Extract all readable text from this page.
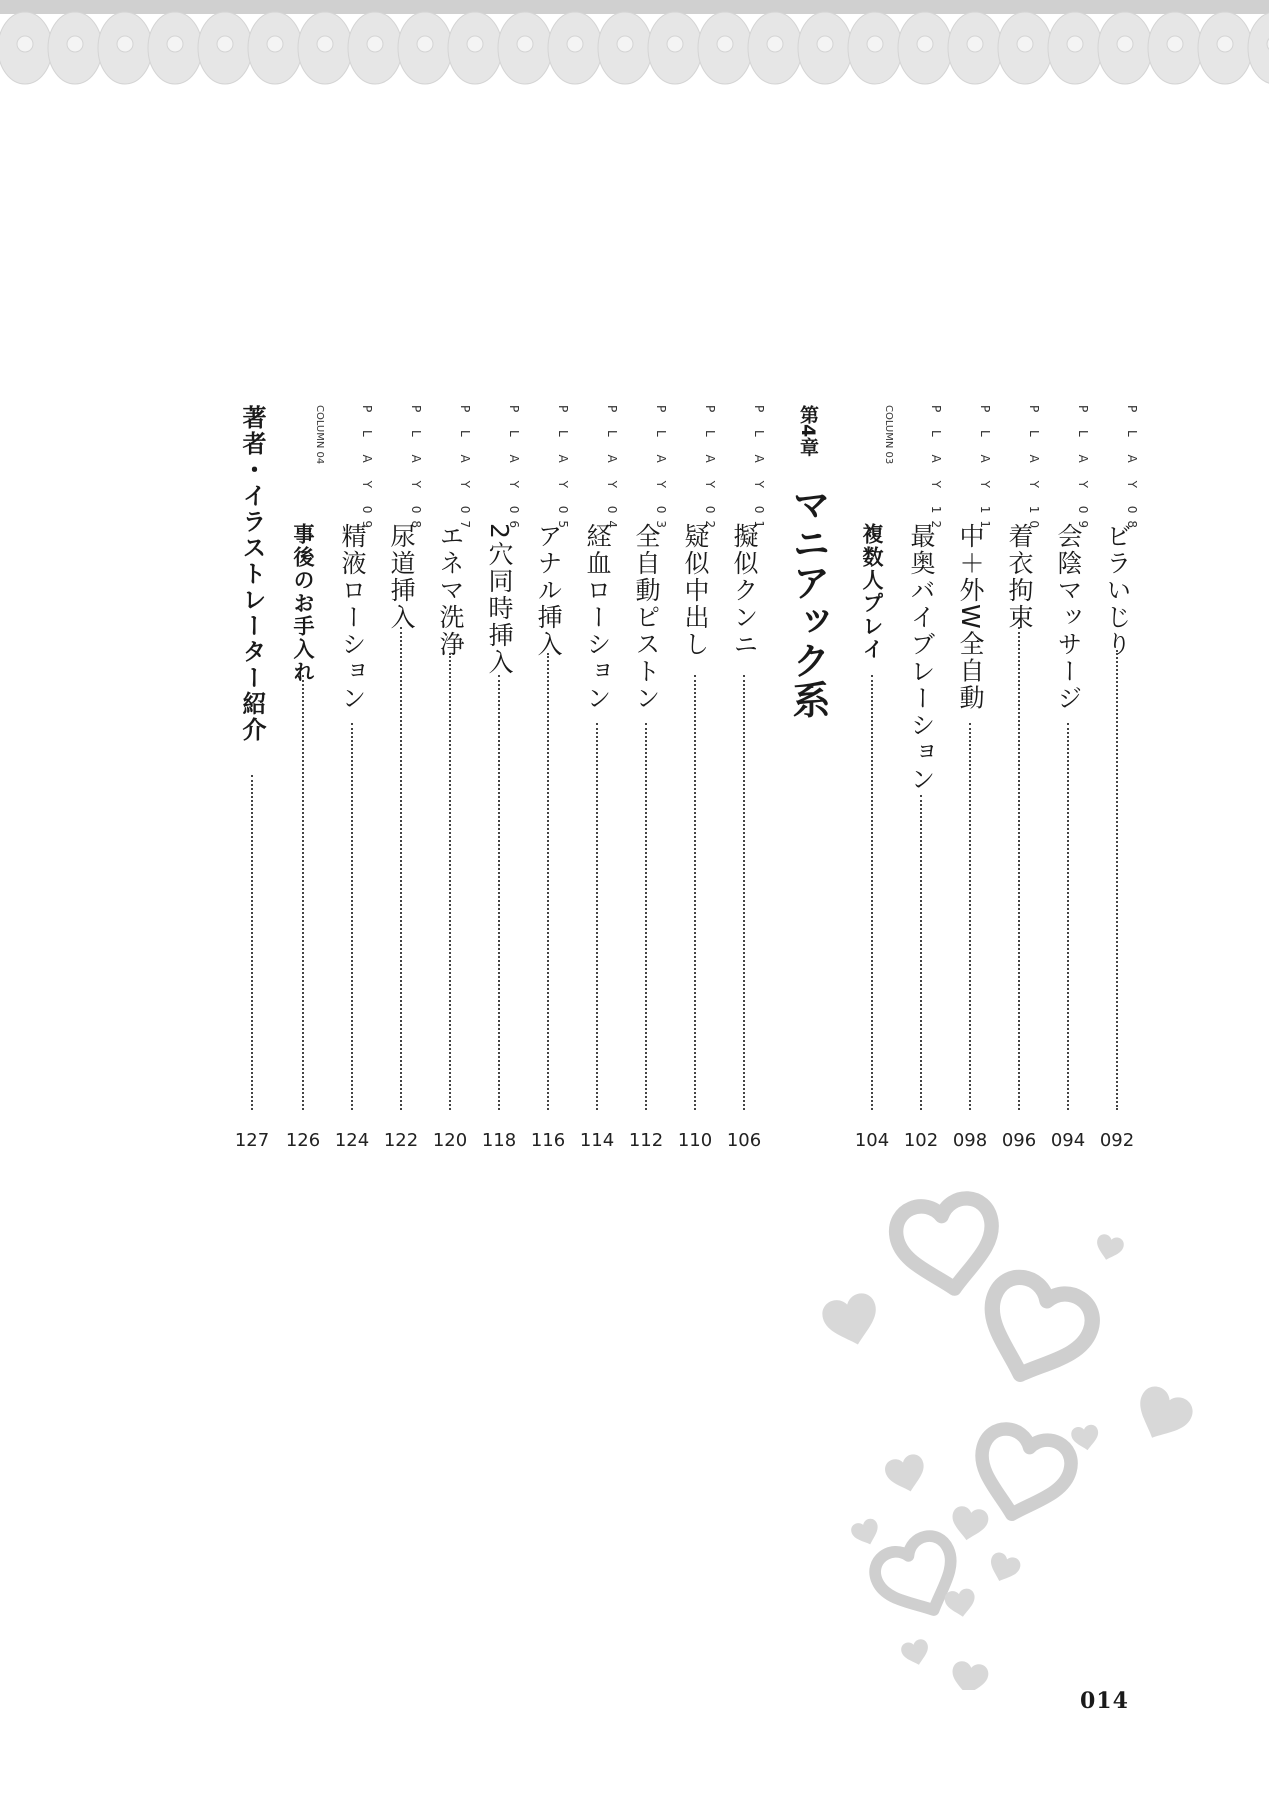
P L A Y 08
ビラいじり
092
P L A Y 09
会陰マッサージ
094
P L A Y 10
着衣拘束
096
P L A Y 11
中＋外W全自動
098
P L A Y 12
最奥バイブレーション
102
COLUMN 03
複数人プレイ
104
第4章
マニアック系
P L A Y 01
擬似クンニ
106
P L A Y 02
疑似中出し
110
P L A Y 03
全自動ピストン
112
P L A Y 04
経血ローション
114
P L A Y 05
アナル挿入
116
P L A Y 06
2穴同時挿入
118
P L A Y 07
エネマ洗浄
120
P L A Y 08
尿道挿入
122
P L A Y 09
精液ローション
124
COLUMN 04
事後のお手入れ
126
著者・イラストレーター紹介
127
014
